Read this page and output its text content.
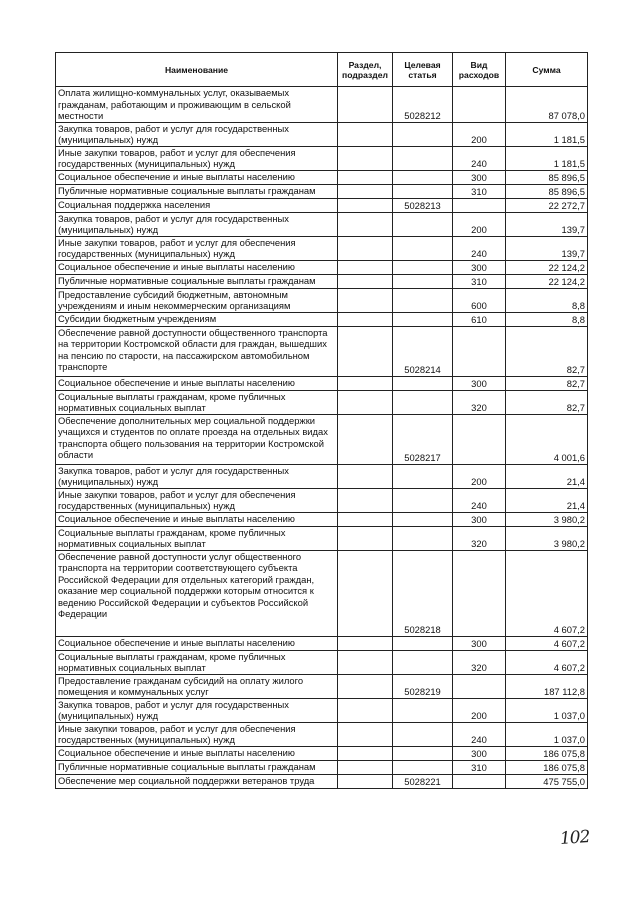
Наименование	Раздел, подраздел	Целевая статья	Вид расходов	Сумма
Оплата жилищно-коммунальных услуг, оказываемых гражданам, работающим и проживающим в сельской местности		5028212		87 078,0
Закупка товаров, работ и услуг для государственных (муниципальных) нужд			200	1 181,5
Иные закупки товаров, работ и услуг для обеспечения государственных (муниципальных) нужд			240	1 181,5
Социальное обеспечение и иные выплаты населению			300	85 896,5
Публичные нормативные социальные выплаты гражданам			310	85 896,5
Социальная поддержка населения		5028213		22 272,7
Закупка товаров, работ и услуг для государственных (муниципальных) нужд			200	139,7
Иные закупки товаров, работ и услуг для обеспечения государственных (муниципальных) нужд			240	139,7
Социальное обеспечение и иные выплаты населению			300	22 124,2
Публичные нормативные социальные выплаты гражданам			310	22 124,2
Предоставление субсидий бюджетным, автономным учреждениям и иным некоммерческим организациям			600	8,8
Субсидии бюджетным учреждениям			610	8,8
Обеспечение равной доступности общественного транспорта на территории Костромской области для граждан, вышедших на пенсию по старости, на пассажирском автомобильном транспорте		5028214		82,7
Социальное обеспечение и иные выплаты населению			300	82,7
Социальные выплаты гражданам, кроме публичных нормативных социальных выплат			320	82,7
Обеспечение дополнительных мер социальной поддержки учащихся и студентов по оплате проезда на отдельных видах транспорта общего пользования на территории Костромской области		5028217		4 001,6
Закупка товаров, работ и услуг для государственных (муниципальных) нужд			200	21,4
Иные закупки товаров, работ и услуг для обеспечения государственных (муниципальных) нужд			240	21,4
Социальное обеспечение и иные выплаты населению			300	3 980,2
Социальные выплаты гражданам, кроме публичных нормативных социальных выплат			320	3 980,2
Обеспечение равной доступности услуг общественного транспорта на территории соответствующего субъекта Российской Федерации для отдельных категорий граждан, оказание мер социальной поддержки которым относится к ведению Российской Федерации и субъектов Российской Федерации		5028218		4 607,2
Социальное обеспечение и иные выплаты населению			300	4 607,2
Социальные выплаты гражданам, кроме публичных нормативных социальных выплат			320	4 607,2
Предоставление гражданам субсидий на оплату жилого помещения и коммунальных услуг		5028219		187 112,8
Закупка товаров, работ и услуг для государственных (муниципальных) нужд			200	1 037,0
Иные закупки товаров, работ и услуг для обеспечения государственных (муниципальных) нужд			240	1 037,0
Социальное обеспечение и иные выплаты населению			300	186 075,8
Публичные нормативные социальные выплаты гражданам			310	186 075,8
Обеспечение мер социальной поддержки ветеранов труда		5028221		475 755,0
102
